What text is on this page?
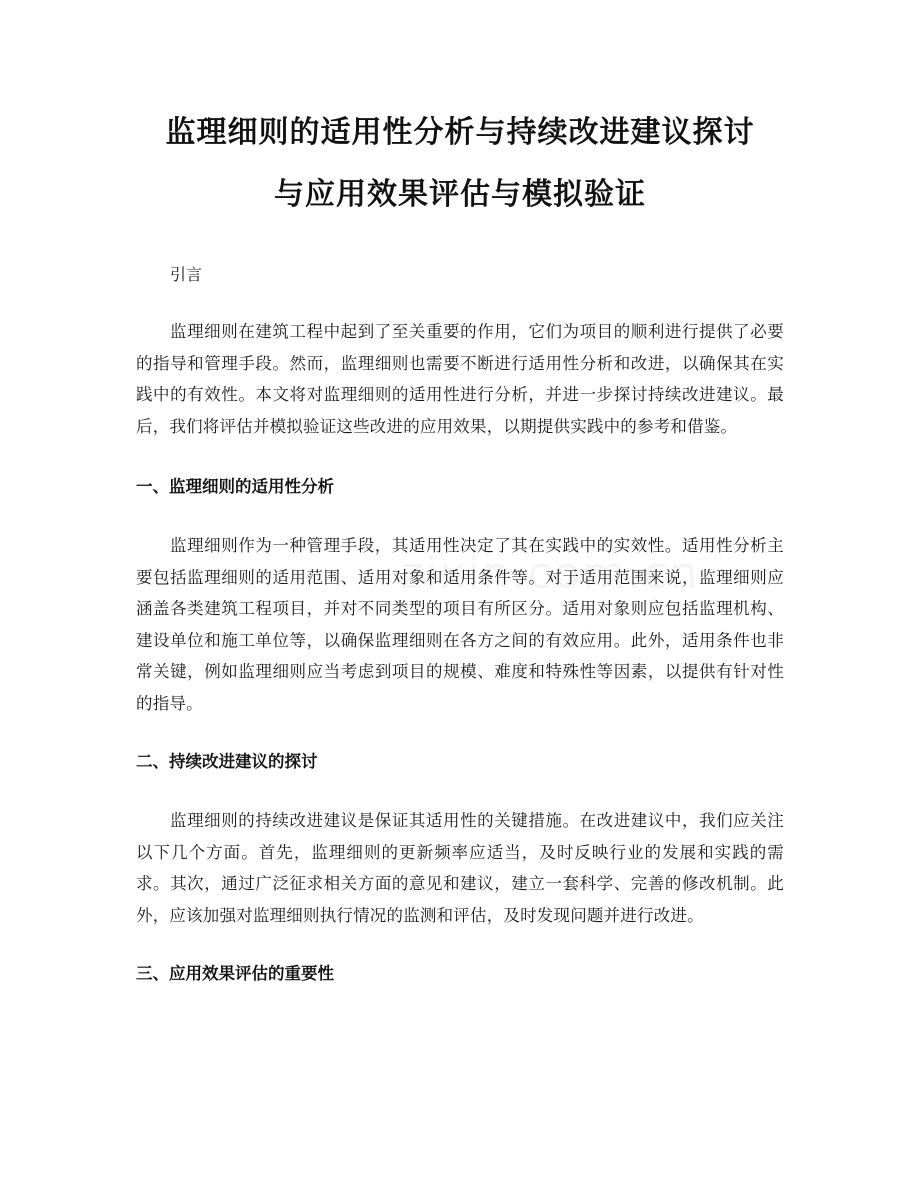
监理细则的适用性分析与持续改进建议探讨
与应用效果评估与模拟验证

引言

监理细则在建筑工程中起到了至关重要的作用，它们为项目的顺利进行提供了必要的指导和管理手段。然而，监理细则也需要不断进行适用性分析和改进，以确保其在实践中的有效性。本文将对监理细则的适用性进行分析，并进一步探讨持续改进建议。最后，我们将评估并模拟验证这些改进的应用效果，以期提供实践中的参考和借鉴。

一、监理细则的适用性分析

监理细则作为一种管理手段，其适用性决定了其在实践中的实效性。适用性分析主要包括监理细则的适用范围、适用对象和适用条件等。对于适用范围来说，监理细则应涵盖各类建筑工程项目，并对不同类型的项目有所区分。适用对象则应包括监理机构、建设单位和施工单位等，以确保监理细则在各方之间的有效应用。此外，适用条件也非常关键，例如监理细则应当考虑到项目的规模、难度和特殊性等因素，以提供有针对性的指导。

二、持续改进建议的探讨

监理细则的持续改进建议是保证其适用性的关键措施。在改进建议中，我们应关注以下几个方面。首先，监理细则的更新频率应适当，及时反映行业的发展和实践的需求。其次，通过广泛征求相关方面的意见和建议，建立一套科学、完善的修改机制。此外，应该加强对监理细则执行情况的监测和评估，及时发现问题并进行改进。

三、应用效果评估的重要性
